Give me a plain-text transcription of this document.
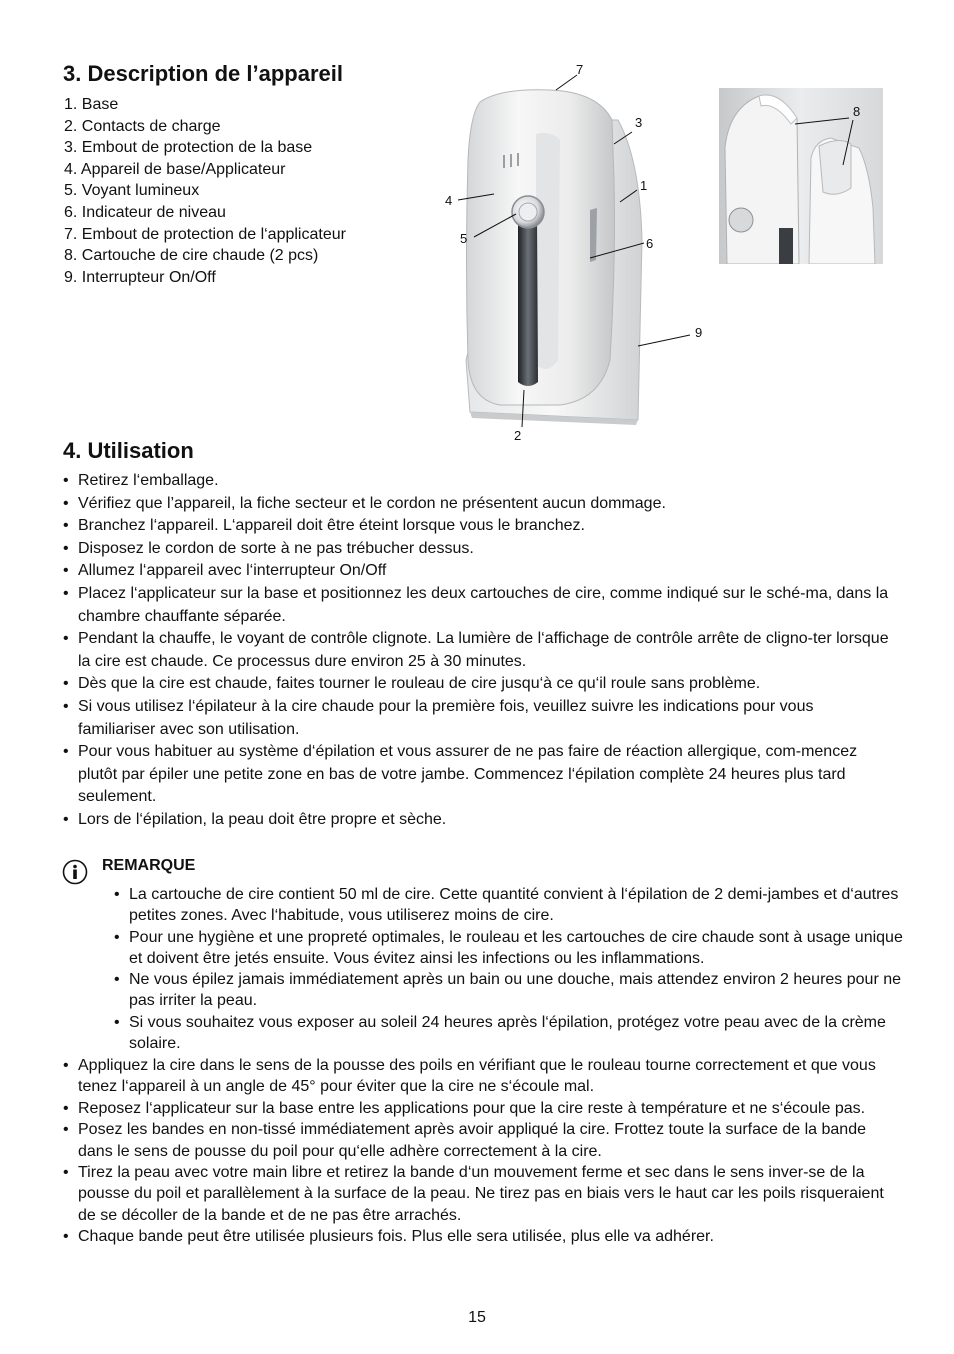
3. Description de l’appareil
1. Base
2. Contacts de charge
3. Embout de protection de la base
4. Appareil de base/Applicateur
5. Voyant lumineux
6. Indicateur de niveau
7. Embout de protection de l‘applicateur
8. Cartouche de cire chaude (2 pcs)
9. Interrupteur On/Off
7
3
1
4
5	6
9
2
8
4. Utilisation
• Retirez l‘emballage.
• Vérifiez que l’appareil, la fiche secteur et le cordon ne présentent aucun dommage.
• Branchez l‘appareil. L‘appareil doit être éteint lorsque vous le branchez.
• Disposez le cordon de sorte à ne pas trébucher dessus.
• Allumez l‘appareil avec l‘interrupteur On/Off
• Placez l‘applicateur sur la base et positionnez les deux cartouches de cire, comme indiqué sur le sché-ma, dans la chambre chauffante séparée.
• Pendant la chauffe, le voyant de contrôle clignote. La lumière de l‘affichage de contrôle arrête de cligno-ter lorsque la cire est chaude. Ce processus dure environ 25 à 30 minutes.
• Dès que la cire est chaude, faites tourner le rouleau de cire jusqu‘à ce qu‘il roule sans problème.
• Si vous utilisez l‘épilateur à la cire chaude pour la première fois, veuillez suivre les indications pour vous familiariser avec son utilisation.
• Pour vous habituer au système d‘épilation et vous assurer de ne pas faire de réaction allergique, com-mencez plutôt par épiler une petite zone en bas de votre jambe. Commencez l‘épilation complète 24 heures plus tard seulement.
• Lors de l‘épilation, la peau doit être propre et sèche.
REMARQUE
• La cartouche de cire contient 50 ml de cire. Cette quantité convient à l‘épilation de 2 demi-jambes et d‘autres petites zones. Avec l‘habitude, vous utiliserez moins de cire.
• Pour une hygiène et une propreté optimales, le rouleau et les cartouches de cire chaude sont à usage unique et doivent être jetés ensuite. Vous évitez ainsi les infections ou les inflammations.
• Ne vous épilez jamais immédiatement après un bain ou une douche, mais attendez environ 2 heures pour ne pas irriter la peau.
• Si vous souhaitez vous exposer au soleil 24 heures après l‘épilation, protégez votre peau avec de la crème solaire.
• Appliquez la cire dans le sens de la pousse des poils en vérifiant que le rouleau tourne correctement et que vous tenez l‘appareil à un angle de 45° pour éviter que la cire ne s‘écoule mal.
• Reposez l‘applicateur sur la base entre les applications pour que la cire reste à température et ne s‘écoule pas.
• Posez les bandes en non-tissé immédiatement après avoir appliqué la cire. Frottez toute la surface de la bande dans le sens de pousse du poil pour qu‘elle adhère correctement à la cire.
• Tirez la peau avec votre main libre et retirez la bande d‘un mouvement ferme et sec dans le sens inver-se de la pousse du poil et parallèlement à la surface de la peau. Ne tirez pas en biais vers le haut car les poils risqueraient de se décoller de la bande et de ne pas être arrachés.
• Chaque bande peut être utilisée plusieurs fois. Plus elle sera utilisée, plus elle va adhérer.
15
